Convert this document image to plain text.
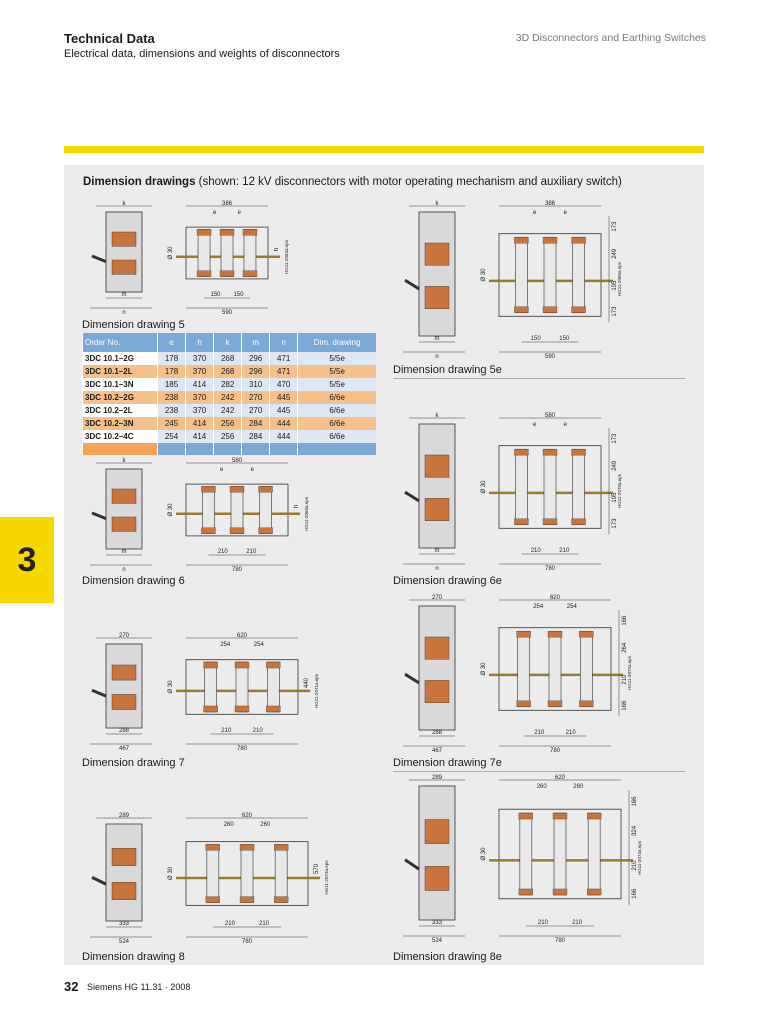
Technical Data
Electrical data, dimensions and weights of disconnectors
3D Disconnectors and Earthing Switches
3
Dimension drawings (shown: 12 kV disconnectors with motor operating mechanism and auxiliary switch)
k
m
n
386
e	e
Ø 30	h
150 150
590
HG11-2063a.eps
k
m
n
386
e	e
Ø 30
173
249
195
173
150	150
590
HG11-2066a.eps
k
m
n
580
e	e
Ø 30	h
210	210
780
HG11-2068a.eps
k
m
n
580
e	e
Ø 30
173
249
195
173
210	210
780
HG11-2070a.eps
270
288
467
620
254	254
Ø 30	440
210	210
780
HG11-2071a.eps
270
288
467
620
254	254
Ø 30
166
264
210
166
210	210
780
HG11-2072a.eps
289
333
524
620
260	260
Ø 30	570
210	210
780
HG11-2073a.eps
289
333
524
620
260	260
Ø 30
166
324
210
166
210	210
780
HG11-2074a.eps
Dimension drawing 5
Dimension drawing 5e
Dimension drawing 6	Dimension drawing 6e
Dimension drawing 7	Dimension drawing 7e
Dimension drawing 8	Dimension drawing 8e
Order No.	e	h	k	m	n	Dim. drawing
3DC 10.1–2G	178	370	268	296	471	5/5e
3DC 10.1–2L	178	370	268	296	471	5/5e
3DC 10.1–3N	185	414	282	310	470	5/5e
3DC 10.2–2G	238	370	242	270	445	6/6e
3DC 10.2–2L	238	370	242	270	445	6/6e
3DC 10.2–3N	245	414	256	284	444	6/6e
3DC 10.2–4C	254	414	256	284	444	6/6e

32 Siemens HG 11.31 · 2008
